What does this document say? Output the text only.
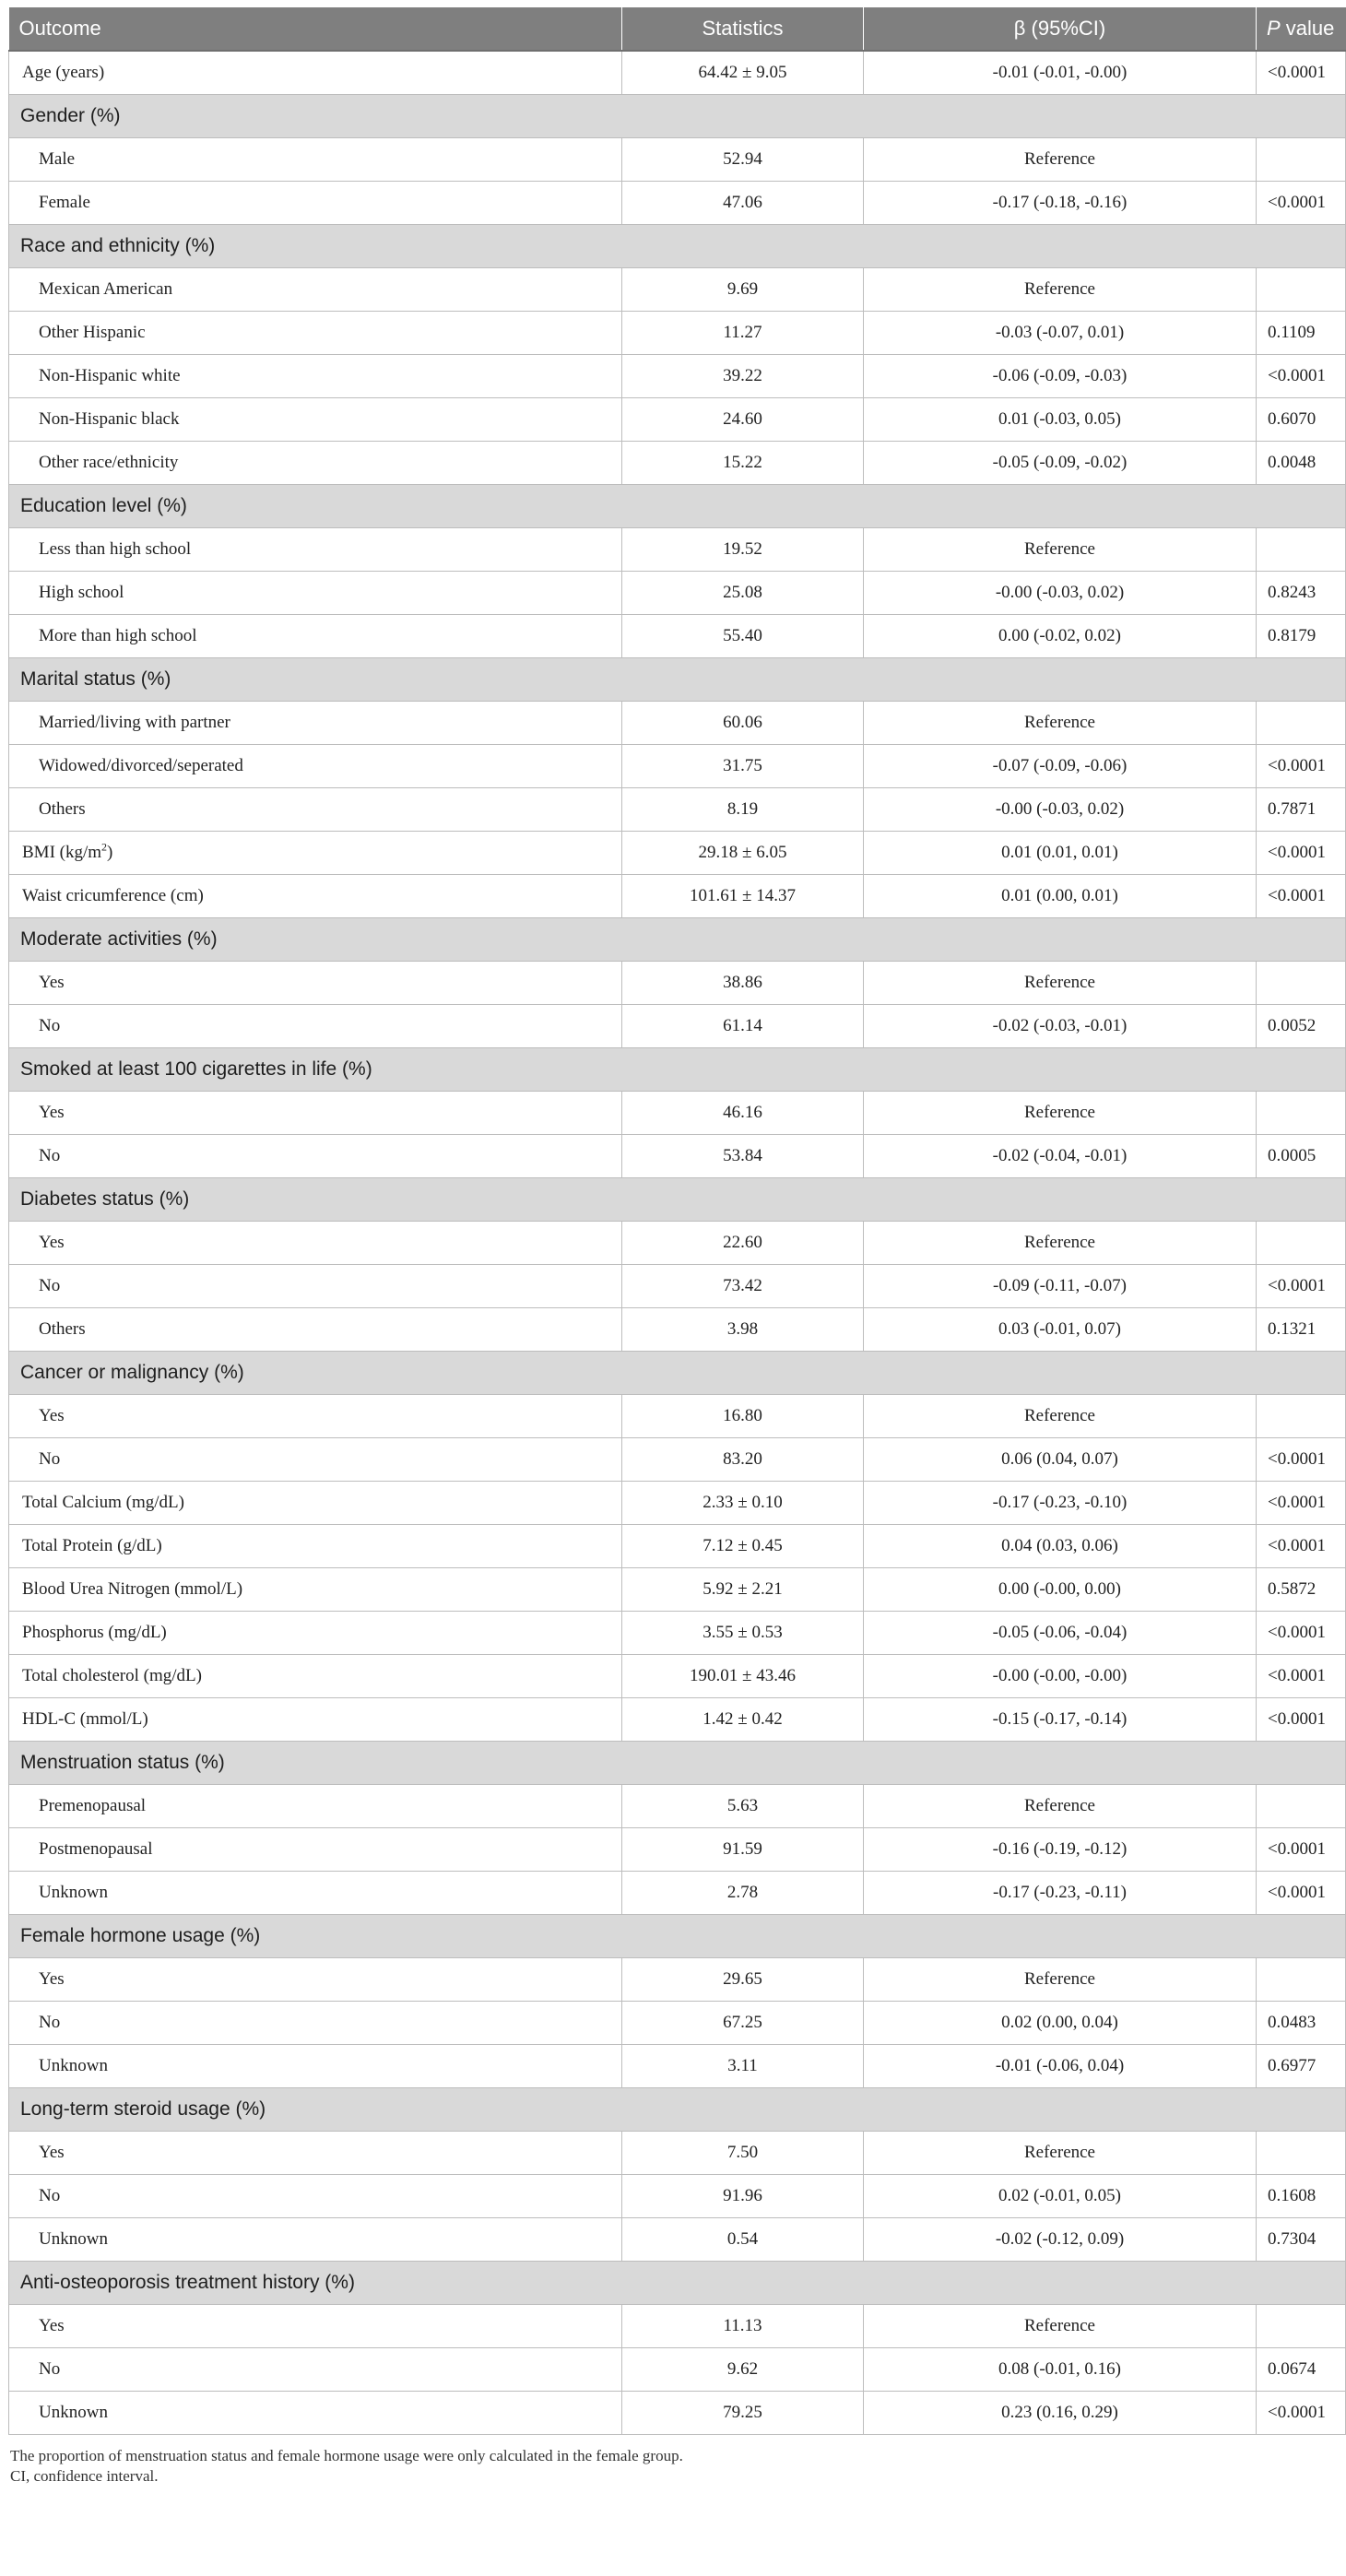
Outcome	Statistics	β (95%CI)	P value
Age (years)	64.42 ± 9.05	-0.01 (-0.01, -0.00)	<0.0001
Gender (%)			
Male	52.94	Reference	
Female	47.06	-0.17 (-0.18, -0.16)	<0.0001
Race and ethnicity (%)			
Mexican American	9.69	Reference	
Other Hispanic	11.27	-0.03 (-0.07, 0.01)	0.1109
Non-Hispanic white	39.22	-0.06 (-0.09, -0.03)	<0.0001
Non-Hispanic black	24.60	0.01 (-0.03, 0.05)	0.6070
Other race/ethnicity	15.22	-0.05 (-0.09, -0.02)	0.0048
Education level (%)			
Less than high school	19.52	Reference	
High school	25.08	-0.00 (-0.03, 0.02)	0.8243
More than high school	55.40	0.00 (-0.02, 0.02)	0.8179
Marital status (%)			
Married/living with partner	60.06	Reference	
Widowed/divorced/seperated	31.75	-0.07 (-0.09, -0.06)	<0.0001
Others	8.19	-0.00 (-0.03, 0.02)	0.7871
BMI $(kg/m^2)$	29.18 ± 6.05	0.01 (0.01, 0.01)	<0.0001
Waist cricumference (cm)	101.61 ± 14.37	0.01 (0.00, 0.01)	<0.0001
Moderate activities (%)			
Yes	38.86	Reference	
No	61.14	-0.02 (-0.03, -0.01)	0.0052
Smoked at least 100 cigarettes in life (%)			
Yes	46.16	Reference	
No	53.84	-0.02 (-0.04, -0.01)	0.0005
Diabetes status (%)			
Yes	22.60	Reference	
No	73.42	-0.09 (-0.11, -0.07)	<0.0001
Others	3.98	0.03 (-0.01, 0.07)	0.1321
Cancer or malignancy (%)			
Yes	16.80	Reference	
No	83.20	0.06 (0.04, 0.07)	<0.0001
Total Calcium (mg/dL)	2.33 ± 0.10	-0.17 (-0.23, -0.10)	<0.0001
Total Protein (g/dL)	7.12 ± 0.45	0.04 (0.03, 0.06)	<0.0001
Blood Urea Nitrogen (mmol/L)	5.92 ± 2.21	0.00 (-0.00, 0.00)	0.5872
Phosphorus (mg/dL)	3.55 ± 0.53	-0.05 (-0.06, -0.04)	<0.0001
Total cholesterol (mg/dL)	190.01 ± 43.46	-0.00 (-0.00, -0.00)	<0.0001
HDL-C (mmol/L)	1.42 ± 0.42	-0.15 (-0.17, -0.14)	<0.0001
Menstruation status (%)			
Premenopausal	5.63	Reference	
Postmenopausal	91.59	-0.16 (-0.19, -0.12)	<0.0001
Unknown	2.78	-0.17 (-0.23, -0.11)	<0.0001
Female hormone usage (%)			
Yes	29.65	Reference	
No	67.25	0.02 (0.00, 0.04)	0.0483
Unknown	3.11	-0.01 (-0.06, 0.04)	0.6977
Long-term steroid usage (%)			
Yes	7.50	Reference	
No	91.96	0.02 (-0.01, 0.05)	0.1608
Unknown	0.54	-0.02 (-0.12, 0.09)	0.7304
Anti-osteoporosis treatment history (%)			
Yes	11.13	Reference	
No	9.62	0.08 (-0.01, 0.16)	0.0674
Unknown	79.25	0.23 (0.16, 0.29)	<0.0001
The proportion of menstruation status and female hormone usage were only calculated in the female group.
CI, confidence interval.
